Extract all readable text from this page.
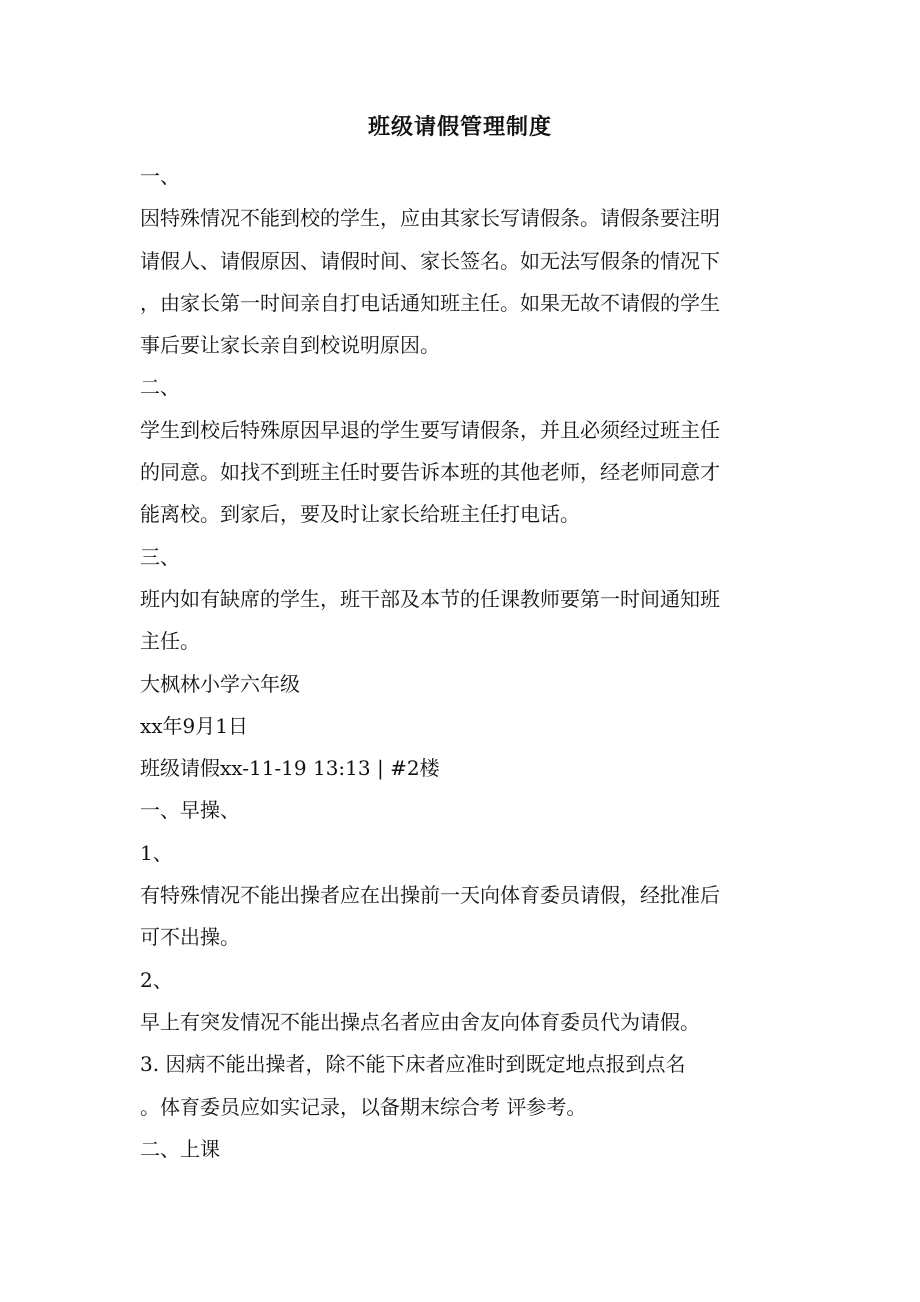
班级请假管理制度
一、
因特殊情况不能到校的学生，应由其家长写请假条。请假条要注明
请假人、请假原因、请假时间、家长签名。如无法写假条的情况下
，由家长第一时间亲自打电话通知班主任。如果无故不请假的学生
事后要让家长亲自到校说明原因。
二、
学生到校后特殊原因早退的学生要写请假条，并且必须经过班主任
的同意。如找不到班主任时要告诉本班的其他老师，经老师同意才
能离校。到家后，要及时让家长给班主任打电话。
三、
班内如有缺席的学生，班干部及本节的任课教师要第一时间通知班
主任。
大枫林小学六年级
xx年9月1日
班级请假xx-11-19 13:13 | #2楼
一、早操、
1、
有特殊情况不能出操者应在出操前一天向体育委员请假，经批准后
可不出操。
2、
早上有突发情况不能出操点名者应由舍友向体育委员代为请假。
3. 因病不能出操者，除不能下床者应准时到既定地点报到点名
。体育委员应如实记录，以备期末综合考 评参考。
二、上课
